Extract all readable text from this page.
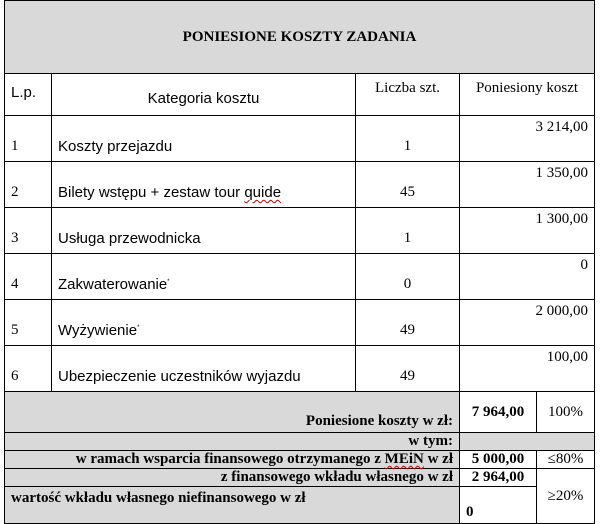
PONIESIONE KOSZTY ZADANIA				
L.p.	Kategoria kosztu	Liczba szt.	Poniesiony koszt	
1	Koszty przejazdu	1	3 214,00	
2	Bilety wstępu + zestaw tour quide	45	1 350,00	
3	Usługa przewodnicka	1	1 300,00	
4	Zakwaterowanie*	0	0	
5	Wyżywienie*	49	2 000,00	
6	Ubezpieczenie uczestników wyjazdu	49	100,00	
Poniesione koszty w zł:			7 964,00	100%
w tym:				
w ramach wsparcia finansowego otrzymanego z MEiN w zł			5 000,00	≤80%
z finansowego wkładu własnego w zł			2 964,00	≥20%
wartość wkładu własnego niefinansowego w zł			0	
